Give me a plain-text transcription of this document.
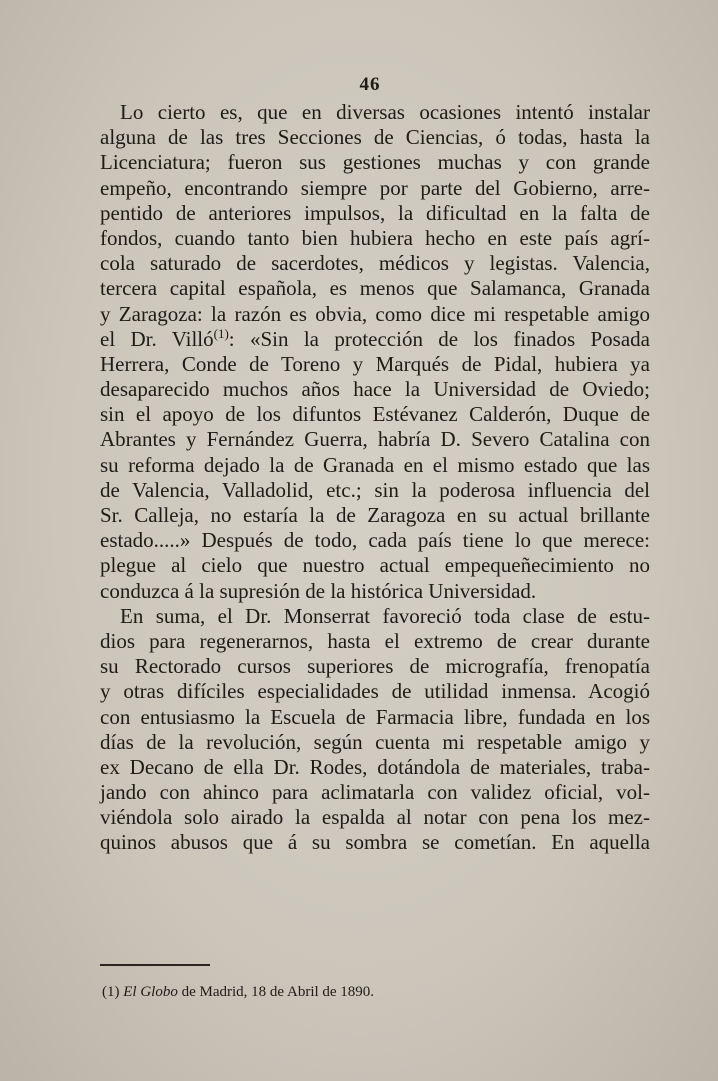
46
Lo cierto es, que en diversas ocasiones intentó instalar
alguna de las tres Secciones de Ciencias, ó todas, hasta la
Licenciatura; fueron sus gestiones muchas y con grande
empeño, encontrando siempre por parte del Gobierno, arre-
pentido de anteriores impulsos, la dificultad en la falta de
fondos, cuando tanto bien hubiera hecho en este país agrí-
cola saturado de sacerdotes, médicos y legistas. Valencia,
tercera capital española, es menos que Salamanca, Granada
y Zaragoza: la razón es obvia, como dice mi respetable amigo
el Dr. Villó$^{(1)}$: «Sin la protección de los finados Posada
Herrera, Conde de Toreno y Marqués de Pidal, hubiera ya
desaparecido muchos años hace la Universidad de Oviedo;
sin el apoyo de los difuntos Estévanez Calderón, Duque de
Abrantes y Fernández Guerra, habría D. Severo Catalina con
su reforma dejado la de Granada en el mismo estado que las
de Valencia, Valladolid, etc.; sin la poderosa influencia del
Sr. Calleja, no estaría la de Zaragoza en su actual brillante
estado.....» Después de todo, cada país tiene lo que merece:
plegue al cielo que nuestro actual empequeñecimiento no
conduzca á la supresión de la histórica Universidad.
En suma, el Dr. Monserrat favoreció toda clase de estu-
dios para regenerarnos, hasta el extremo de crear durante
su Rectorado cursos superiores de micrografía, frenopatía
y otras difíciles especialidades de utilidad inmensa. Acogió
con entusiasmo la Escuela de Farmacia libre, fundada en los
días de la revolución, según cuenta mi respetable amigo y
ex Decano de ella Dr. Rodes, dotándola de materiales, traba-
jando con ahinco para aclimatarla con validez oficial, vol-
viéndola solo airado la espalda al notar con pena los mez-
quinos abusos que á su sombra se cometían. En aquella
(1) El Globo de Madrid, 18 de Abril de 1890.
